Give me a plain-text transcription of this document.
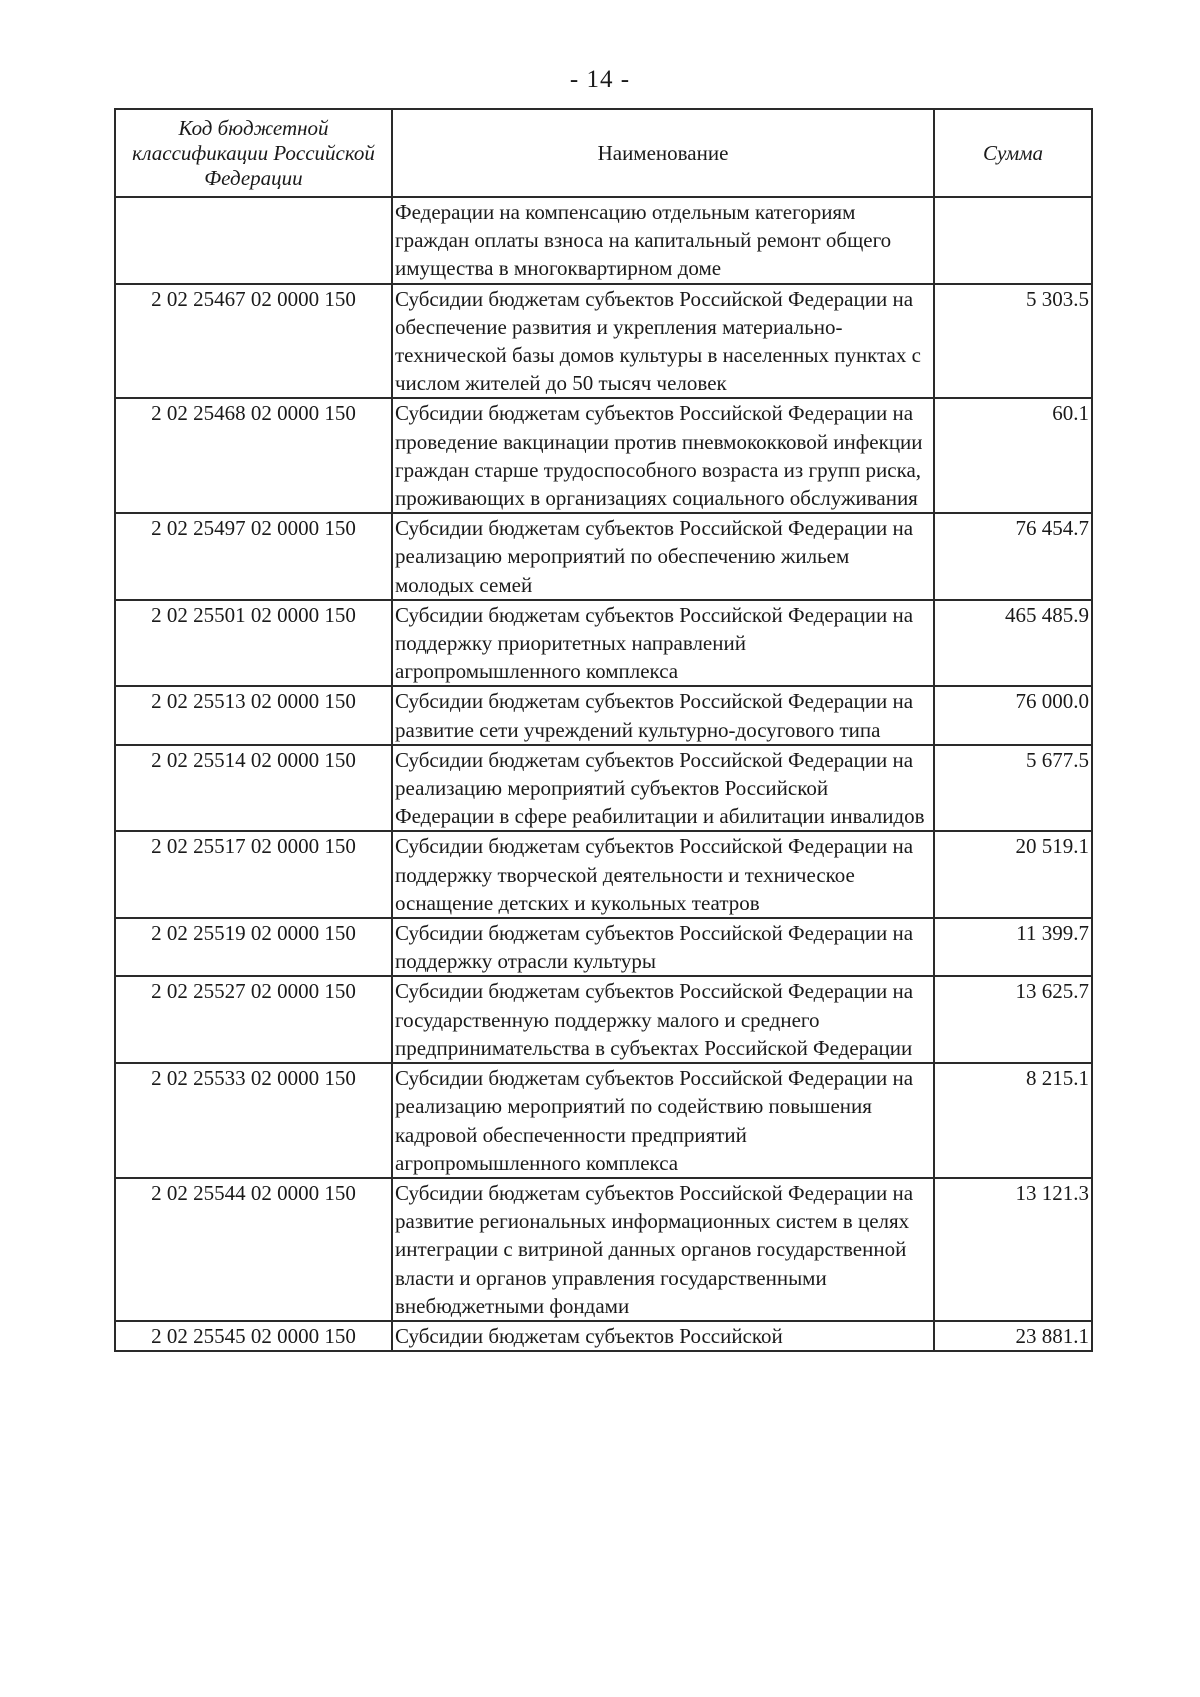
- 14 -
Код бюджетной классификации Российской Федерации	Наименование	Сумма
	Федерации на компенсацию отдельным категориям граждан оплаты взноса на капитальный ремонт общего имущества в многоквартирном доме	
2 02 25467 02 0000 150	Субсидии бюджетам субъектов Российской Федерации на обеспечение развития и укрепления материально-технической базы домов культуры в населенных пунктах с числом жителей до 50 тысяч человек	5 303.5
2 02 25468 02 0000 150	Субсидии бюджетам субъектов Российской Федерации на проведение вакцинации против пневмококковой инфекции граждан старше трудоспособного возраста из групп риска, проживающих в организациях социального обслуживания	60.1
2 02 25497 02 0000 150	Субсидии бюджетам субъектов Российской Федерации на реализацию мероприятий по обеспечению жильем молодых семей	76 454.7
2 02 25501 02 0000 150	Субсидии бюджетам субъектов Российской Федерации на поддержку приоритетных направлений агропромышленного комплекса	465 485.9
2 02 25513 02 0000 150	Субсидии бюджетам субъектов Российской Федерации на развитие сети учреждений культурно-досугового типа	76 000.0
2 02 25514 02 0000 150	Субсидии бюджетам субъектов Российской Федерации на реализацию мероприятий субъектов Российской Федерации в сфере реабилитации и абилитации инвалидов	5 677.5
2 02 25517 02 0000 150	Субсидии бюджетам субъектов Российской Федерации на поддержку творческой деятельности и техническое оснащение детских и кукольных театров	20 519.1
2 02 25519 02 0000 150	Субсидии бюджетам субъектов Российской Федерации на поддержку отрасли культуры	11 399.7
2 02 25527 02 0000 150	Субсидии бюджетам субъектов Российской Федерации на государственную поддержку малого и среднего предпринимательства в субъектах Российской Федерации	13 625.7
2 02 25533 02 0000 150	Субсидии бюджетам субъектов Российской Федерации на реализацию мероприятий по содействию повышения кадровой обеспеченности предприятий агропромышленного комплекса	8 215.1
2 02 25544 02 0000 150	Субсидии бюджетам субъектов Российской Федерации на развитие региональных информационных систем в целях интеграции с витриной данных органов государственной власти и органов управления государственными внебюджетными фондами	13 121.3
2 02 25545 02 0000 150	Субсидии бюджетам субъектов Российской	23 881.1
